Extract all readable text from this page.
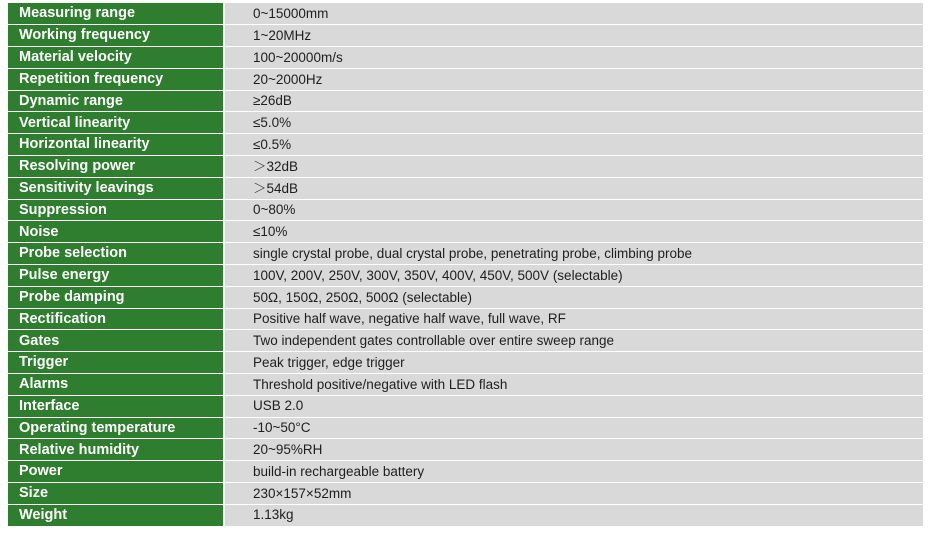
Measuring range		0~15000mm
Working frequency		1~20MHz
Material velocity		100~20000m/s
Repetition frequency		20~2000Hz
Dynamic range		≥26dB
Vertical linearity		≤5.0%
Horizontal linearity		≤0.5%
Resolving power		＞32dB
Sensitivity leavings		＞54dB
Suppression		0~80%
Noise		≤10%
Probe selection		single crystal probe, dual crystal probe, penetrating probe, climbing probe
Pulse energy		100V, 200V, 250V, 300V, 350V, 400V, 450V, 500V (selectable)
Probe damping		50Ω, 150Ω, 250Ω, 500Ω (selectable)
Rectification		Positive half wave, negative half wave, full wave, RF
Gates		Two independent gates controllable over entire sweep range
Trigger		Peak trigger, edge trigger
Alarms		Threshold positive/negative with LED flash
Interface		USB 2.0
Operating temperature		-10~50°C
Relative humidity		20~95%RH
Power		build-in rechargeable battery
Size		230×157×52mm
Weight		1.13kg
